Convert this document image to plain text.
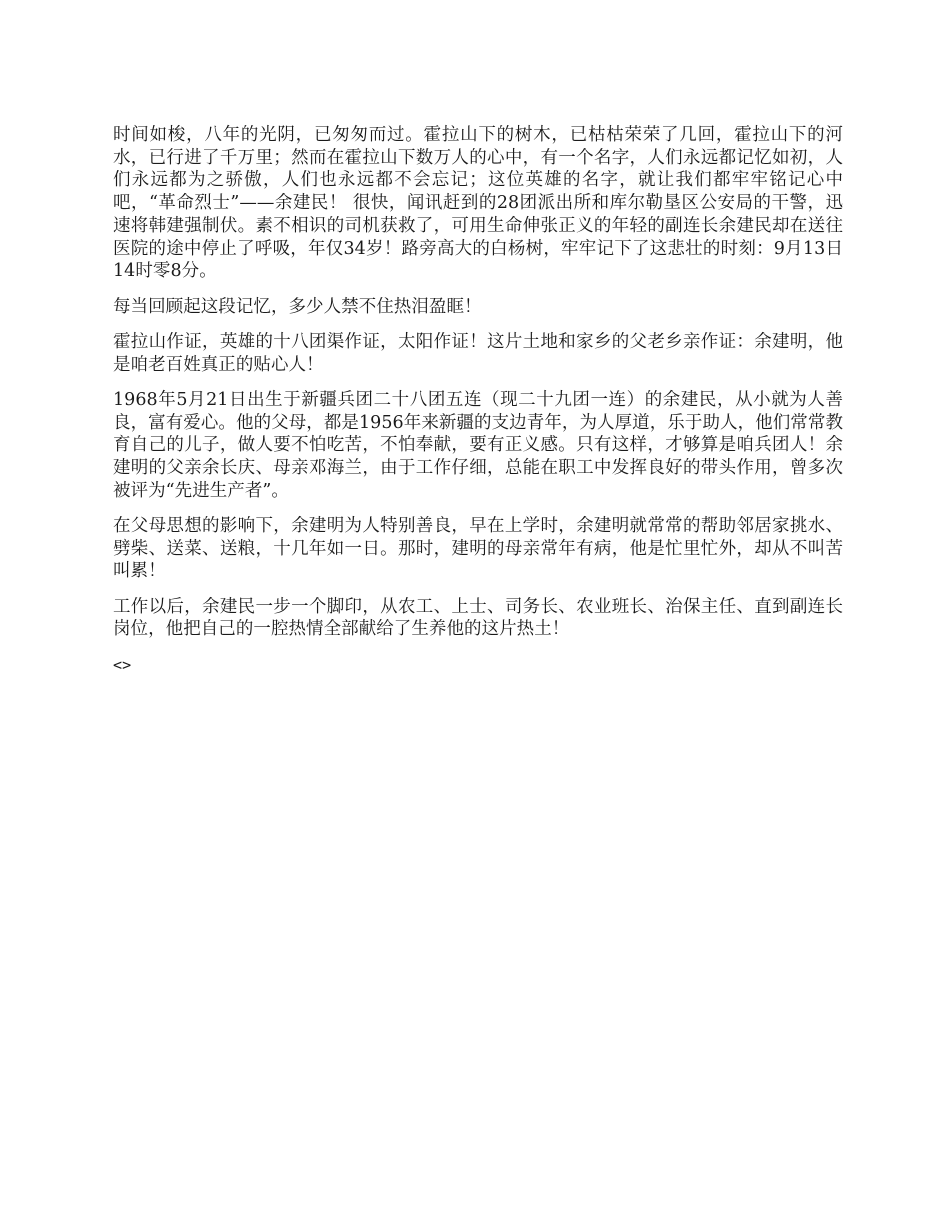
时间如梭，八年的光阴，已匆匆而过。霍拉山下的树木，已枯枯荣荣了几回，霍拉山下的河水，已行进了千万里；然而在霍拉山下数万人的心中，有一个名字，人们永远都记忆如初，人们永远都为之骄傲，人们也永远都不会忘记；这位英雄的名字，就让我们都牢牢铭记心中吧，“革命烈士”——余建民！ 很快，闻讯赶到的28团派出所和库尔勒垦区公安局的干警，迅速将韩建强制伏。素不相识的司机获救了，可用生命伸张正义的年轻的副连长余建民却在送往医院的途中停止了呼吸，年仅34岁！路旁高大的白杨树，牢牢记下了这悲壮的时刻：9月13日14时零8分。

每当回顾起这段记忆，多少人禁不住热泪盈眶！

霍拉山作证，英雄的十八团渠作证，太阳作证！这片土地和家乡的父老乡亲作证：余建明，他是咱老百姓真正的贴心人！

1968年5月21日出生于新疆兵团二十八团五连（现二十九团一连）的余建民，从小就为人善良，富有爱心。他的父母，都是1956年来新疆的支边青年，为人厚道，乐于助人，他们常常教育自己的儿子，做人要不怕吃苦，不怕奉献，要有正义感。只有这样，才够算是咱兵团人！余建明的父亲余长庆、母亲邓海兰，由于工作仔细，总能在职工中发挥良好的带头作用，曾多次被评为“先进生产者”。

在父母思想的影响下，余建明为人特别善良，早在上学时，余建明就常常的帮助邻居家挑水、劈柴、送菜、送粮，十几年如一日。那时，建明的母亲常年有病，他是忙里忙外，却从不叫苦叫累！

工作以后，余建民一步一个脚印，从农工、上士、司务长、农业班长、治保主任、直到副连长岗位，他把自己的一腔热情全部献给了生养他的这片热土！

<>
